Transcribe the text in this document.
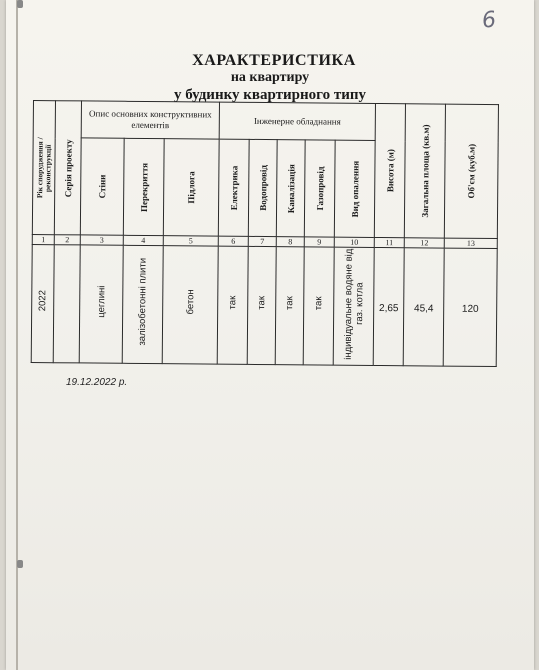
6
ХАРАКТЕРИСТИКА
на квартиру
у будинку квартирного типу
Рік спорудження / реконструкції	Серія проекту	Опис основних конструктивних елементів			Інженерне обладнання					Висота (м)	Загальна площа (кв.м)	Об'єм (куб.м)

		Стіни	Перекриття	Підлога	Електрика	Водопровід	Каналізація	Газопровід	Вид опалення			

1	2	3	4	5	6	7	8	9	10	11	12	13
2022		цеглині	залізобетонні плити	бетон	так	так	так	так	індивідуальне водяне від газ. котла	2,65	45,4	120
19.12.2022 р.
